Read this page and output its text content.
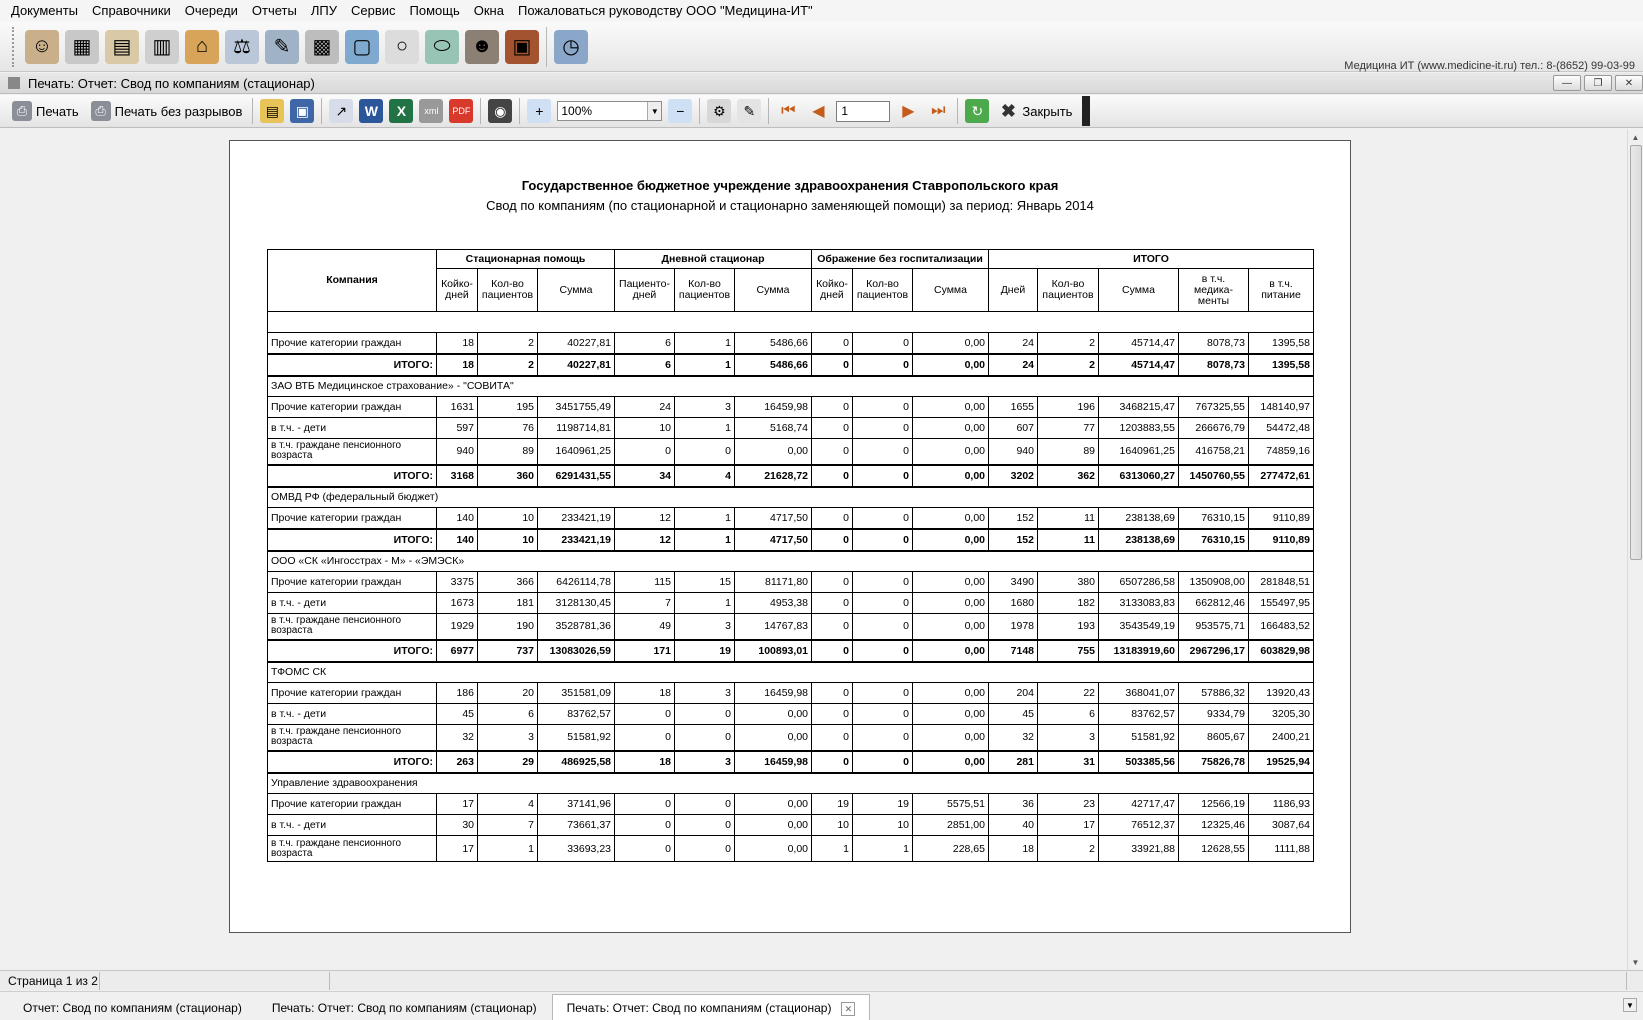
Документы	Справочники	Очереди	Отчеты	ЛПУ	Сервис	Помощь	Окна	Пожаловаться руководству ООО "Медицина-ИТ"
☺	▦	▤	▥	⌂	⚖	✎	▩	▢	○	⬭	☻	▣	◷
Медицина ИТ (www.medicine-it.ru) тел.: 8-(8652) 99-03-99
Печать: Отчет: Свод по компаниям (стационар)	—	❐	✕
⎙ Печать	⎙ Печать без разрывов	▤	▣	↗	W	X	xml	PDF	◉	+	100%	▼	−	⚙	✎	⏮	◀	1	▶	⏭	↻ ✖ Закрыть
▲
▼
Государственное бюджетное учреждение здравоохранения Ставропольского края
Свод по компаниям (по стационарной и стационарно заменяющей помощи) за период: Январь 2014
Компания	Стационарная помощь			Дневной стационар			Ображение без госпитализации			ИТОГО				
	Койко-дней	Кол-во пациентов	Сумма	Пациенто-дней	Кол-во пациентов	Сумма	Койко-дней	Кол-во пациентов	Сумма	Дней	Кол-во пациентов	Сумма	в т.ч. медика-менты	в т.ч. питание

Прочие категории граждан	18	2	40227,81	6	1	5486,66	0	0	0,00	24	2	45714,47	8078,73	1395,58
ИТОГО:	18	2	40227,81	6	1	5486,66	0	0	0,00	24	2	45714,47	8078,73	1395,58
ЗАО ВТБ Медицинское страхование» - "СОВИТА"														
Прочие категории граждан	1631	195	3451755,49	24	3	16459,98	0	0	0,00	1655	196	3468215,47	767325,55	148140,97
в т.ч. - дети	597	76	1198714,81	10	1	5168,74	0	0	0,00	607	77	1203883,55	266676,79	54472,48
в т.ч. граждане пенсионного возраста	940	89	1640961,25	0	0	0,00	0	0	0,00	940	89	1640961,25	416758,21	74859,16
ИТОГО:	3168	360	6291431,55	34	4	21628,72	0	0	0,00	3202	362	6313060,27	1450760,55	277472,61
ОМВД РФ (федеральный бюджет)														
Прочие категории граждан	140	10	233421,19	12	1	4717,50	0	0	0,00	152	11	238138,69	76310,15	9110,89
ИТОГО:	140	10	233421,19	12	1	4717,50	0	0	0,00	152	11	238138,69	76310,15	9110,89
ООО «СК «Ингосстрах - М» - «ЭМЭСК»														
Прочие категории граждан	3375	366	6426114,78	115	15	81171,80	0	0	0,00	3490	380	6507286,58	1350908,00	281848,51
в т.ч. - дети	1673	181	3128130,45	7	1	4953,38	0	0	0,00	1680	182	3133083,83	662812,46	155497,95
в т.ч. граждане пенсионного возраста	1929	190	3528781,36	49	3	14767,83	0	0	0,00	1978	193	3543549,19	953575,71	166483,52
ИТОГО:	6977	737	13083026,59	171	19	100893,01	0	0	0,00	7148	755	13183919,60	2967296,17	603829,98
ТФОМС СК														
Прочие категории граждан	186	20	351581,09	18	3	16459,98	0	0	0,00	204	22	368041,07	57886,32	13920,43
в т.ч. - дети	45	6	83762,57	0	0	0,00	0	0	0,00	45	6	83762,57	9334,79	3205,30
в т.ч. граждане пенсионного возраста	32	3	51581,92	0	0	0,00	0	0	0,00	32	3	51581,92	8605,67	2400,21
ИТОГО:	263	29	486925,58	18	3	16459,98	0	0	0,00	281	31	503385,56	75826,78	19525,94
Управление здравоохранения														
Прочие категории граждан	17	4	37141,96	0	0	0,00	19	19	5575,51	36	23	42717,47	12566,19	1186,93
в т.ч. - дети	30	7	73661,37	0	0	0,00	10	10	2851,00	40	17	76512,37	12325,46	3087,64
в т.ч. граждане пенсионного возраста	17	1	33693,23	0	0	0,00	1	1	228,65	18	2	33921,88	12628,55	1111,88
Страница 1 из 2
Отчет: Свод по компаниям (стационар)	Печать: Отчет: Свод по компаниям (стационар)	Печать: Отчет: Свод по компаниям (стационар) ✕	▼
